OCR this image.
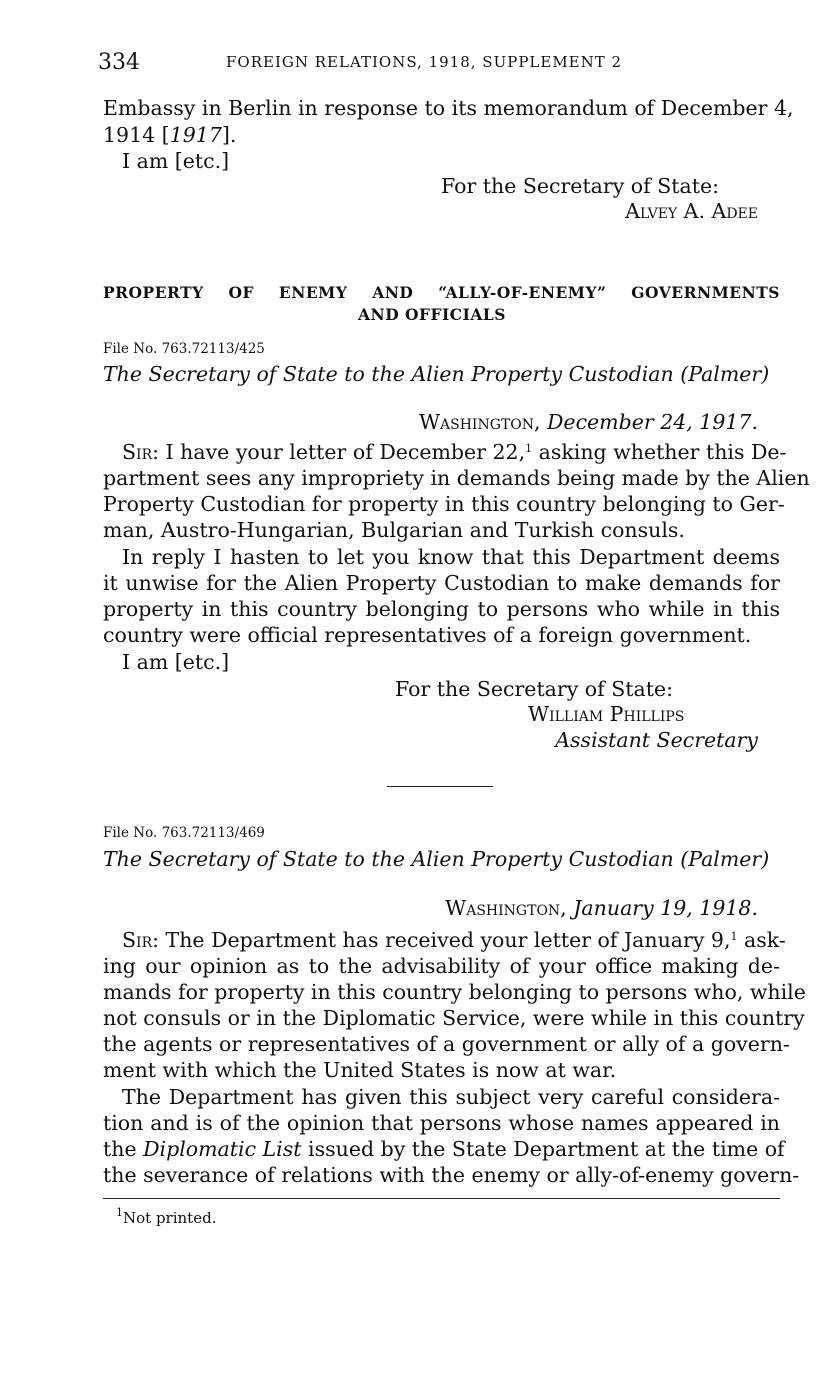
334	FOREIGN RELATIONS, 1918, SUPPLEMENT 2
Embassy in Berlin in response to its memorandum of December 4,
1914 [1917].
I am [etc.]
For the Secretary of State:
Alvey A. Adee
PROPERTY OF ENEMY AND “ALLY-OF-ENEMY” GOVERNMENTS
AND OFFICIALS
File No. 763.72113/425
The Secretary of State to the Alien Property Custodian (Palmer)
Washington, December 24, 1917.
Sir: I have your letter of December 22,$^1$ asking whether this De-
partment sees any impropriety in demands being made by the Alien
Property Custodian for property in this country belonging to Ger-
man, Austro-Hungarian, Bulgarian and Turkish consuls.
In reply I hasten to let you know that this Department deems
it unwise for the Alien Property Custodian to make demands for
property in this country belonging to persons who while in this
country were official representatives of a foreign government.
I am [etc.]
For the Secretary of State:
William Phillips
Assistant Secretary
File No. 763.72113/469
The Secretary of State to the Alien Property Custodian (Palmer)
Washington, January 19, 1918.
Sir: The Department has received your letter of January 9,$^1$ ask-
ing our opinion as to the advisability of your office making de-
mands for property in this country belonging to persons who, while
not consuls or in the Diplomatic Service, were while in this country
the agents or representatives of a government or ally of a govern-
ment with which the United States is now at war.
The Department has given this subject very careful considera-
tion and is of the opinion that persons whose names appeared in
the Diplomatic List issued by the State Department at the time of
the severance of relations with the enemy or ally-of-enemy govern-
$^1$Not printed.
